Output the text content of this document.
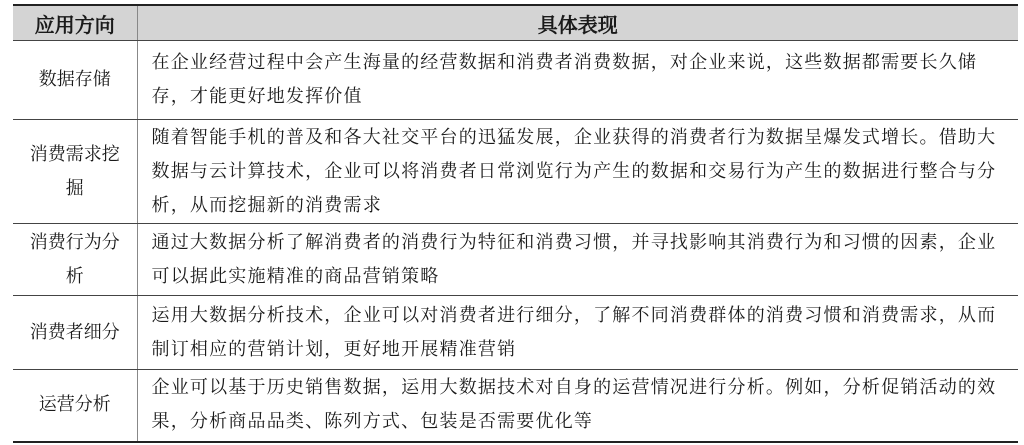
应用方向	具体表现
数据存储	在企业经营过程中会产生海量的经营数据和消费者消费数据，对企业来说，这些数据都需要长久储存，才能更好地发挥价值
消费需求挖掘	随着智能手机的普及和各大社交平台的迅猛发展，企业获得的消费者行为数据呈爆发式增长。借助大数据与云计算技术，企业可以将消费者日常浏览行为产生的数据和交易行为产生的数据进行整合与分析，从而挖掘新的消费需求
消费行为分析	通过大数据分析了解消费者的消费行为特征和消费习惯，并寻找影响其消费行为和习惯的因素，企业可以据此实施精准的商品营销策略
消费者细分	运用大数据分析技术，企业可以对消费者进行细分，了解不同消费群体的消费习惯和消费需求，从而制订相应的营销计划，更好地开展精准营销
运营分析	企业可以基于历史销售数据，运用大数据技术对自身的运营情况进行分析。例如，分析促销活动的效果，分析商品品类、陈列方式、包装是否需要优化等
